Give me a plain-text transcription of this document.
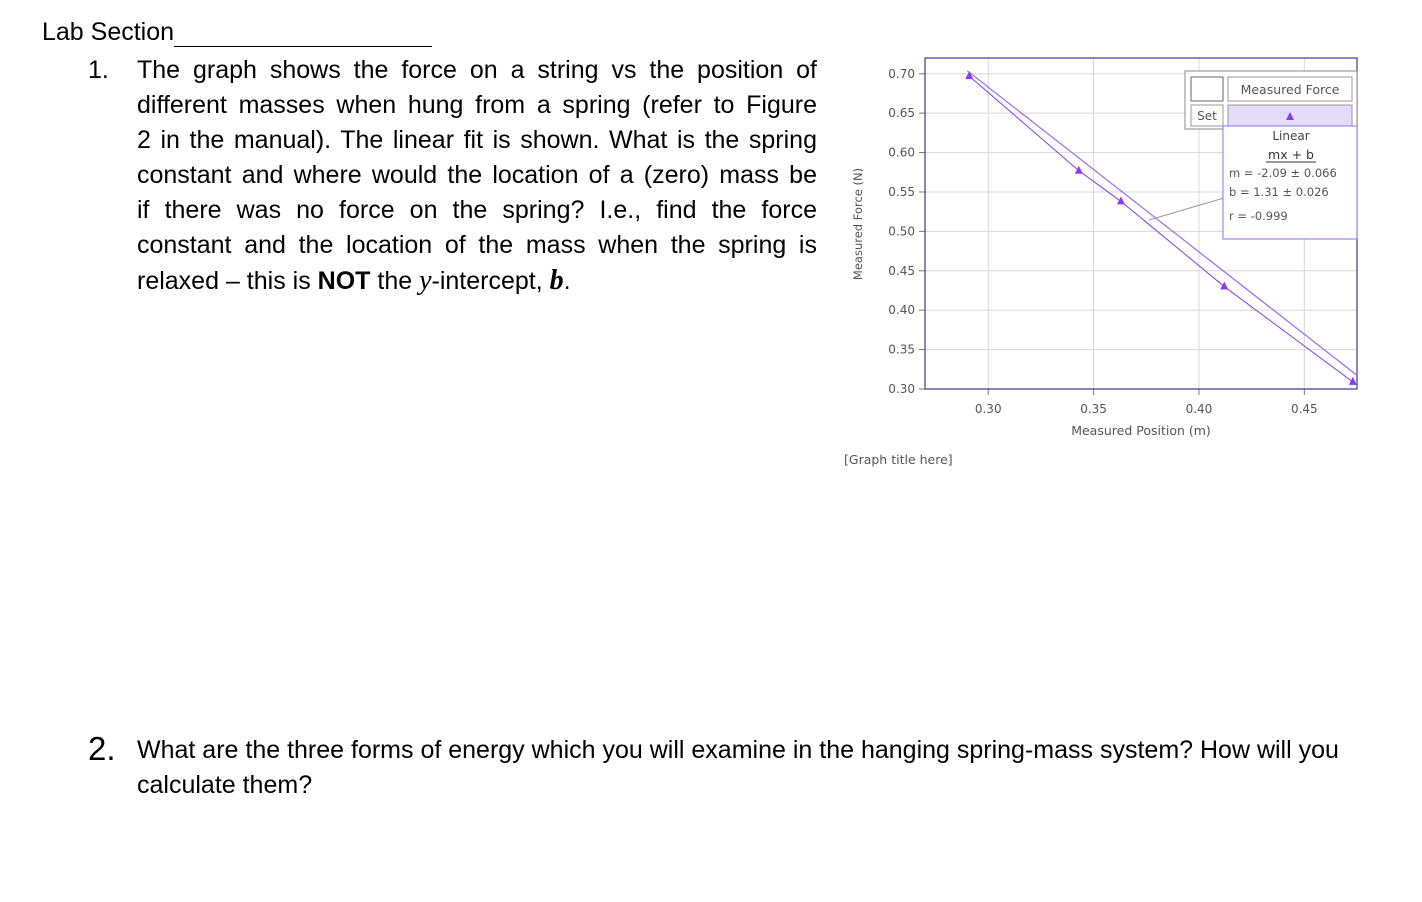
Lab Section
1. The graph shows the force on a string vs the position of
different masses when hung from a spring (refer to Figure
2 in the manual). The linear fit is shown. What is the spring
constant and where would the location of a (zero) mass be
if there was no force on the spring? I.e., find the force
constant and the location of the mass when the spring is
relaxed – this is NOT the y-intercept, b.
0.30
0.35
0.40
0.45
0.50
0.55
0.60
0.65
0.70
0.30	0.35	0.40	0.45
Measured Force (N)
Measured Position (m)
Measured Force
Set
Linear
mx + b
m = -2.09 ± 0.066
b = 1.31 ± 0.026
r = -0.999
[Graph title here]
2. What are the three forms of energy which you will examine in the hanging spring-mass system? How will you calculate them?
